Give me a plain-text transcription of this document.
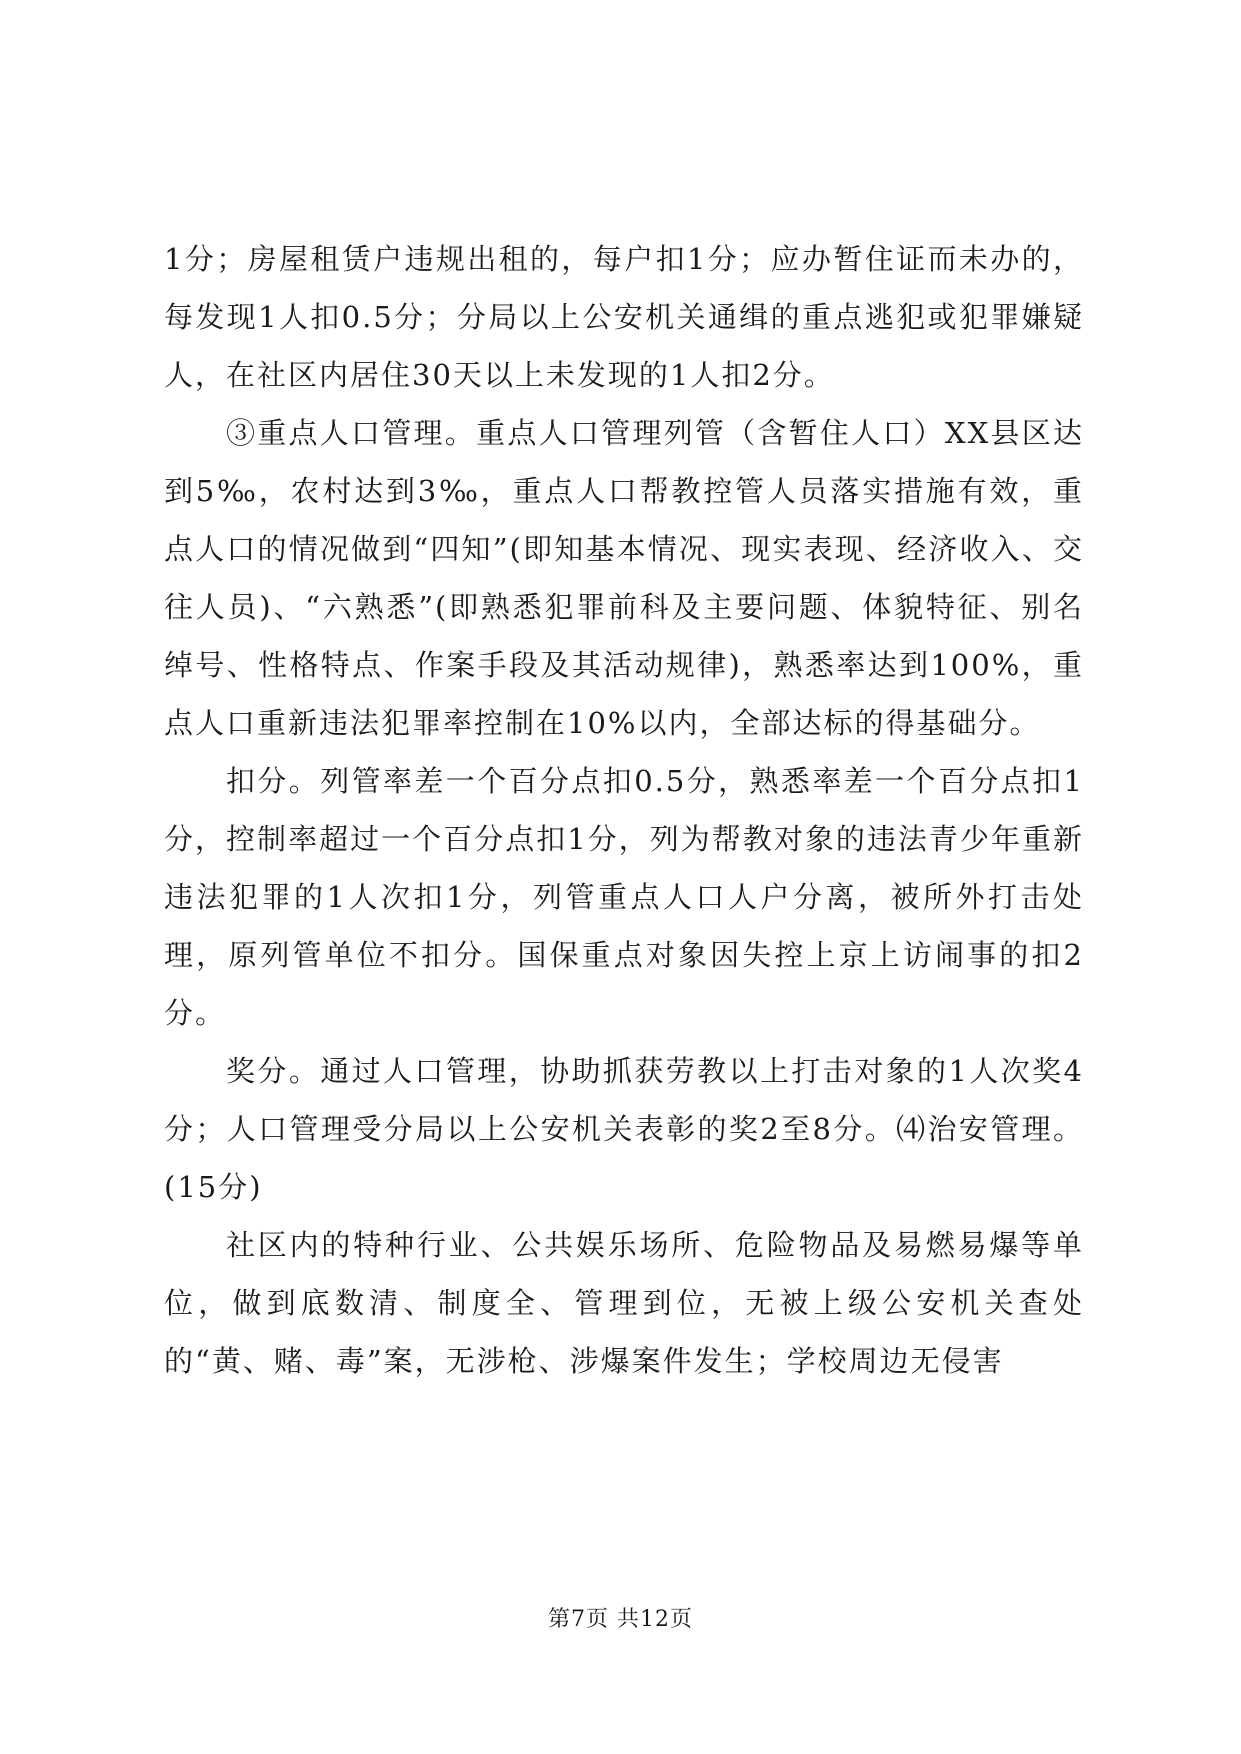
1分；房屋租赁户违规出租的，每户扣1分；应办暂住证而未办的，每发现1人扣0.5分；分局以上公安机关通缉的重点逃犯或犯罪嫌疑人，在社区内居住30天以上未发现的1人扣2分。

③重点人口管理。重点人口管理列管（含暂住人口）XX县区达到5‰，农村达到3‰，重点人口帮教控管人员落实措施有效，重点人口的情况做到“四知”(即知基本情况、现实表现、经济收入、交往人员)、“六熟悉”(即熟悉犯罪前科及主要问题、体貌特征、别名绰号、性格特点、作案手段及其活动规律)，熟悉率达到100%，重点人口重新违法犯罪率控制在10%以内，全部达标的得基础分。

扣分。列管率差一个百分点扣0.5分，熟悉率差一个百分点扣1分，控制率超过一个百分点扣1分，列为帮教对象的违法青少年重新违法犯罪的1人次扣1分，列管重点人口人户分离，被所外打击处理，原列管单位不扣分。国保重点对象因失控上京上访闹事的扣2分。

奖分。通过人口管理，协助抓获劳教以上打击对象的1人次奖4分；人口管理受分局以上公安机关表彰的奖2至8分。⑷治安管理。(15分)

社区内的特种行业、公共娱乐场所、危险物品及易燃易爆等单位，做到底数清、制度全、管理到位，无被上级公安机关查处的“黄、赌、毒”案，无涉枪、涉爆案件发生；学校周边无侵害

第7页 共12页
